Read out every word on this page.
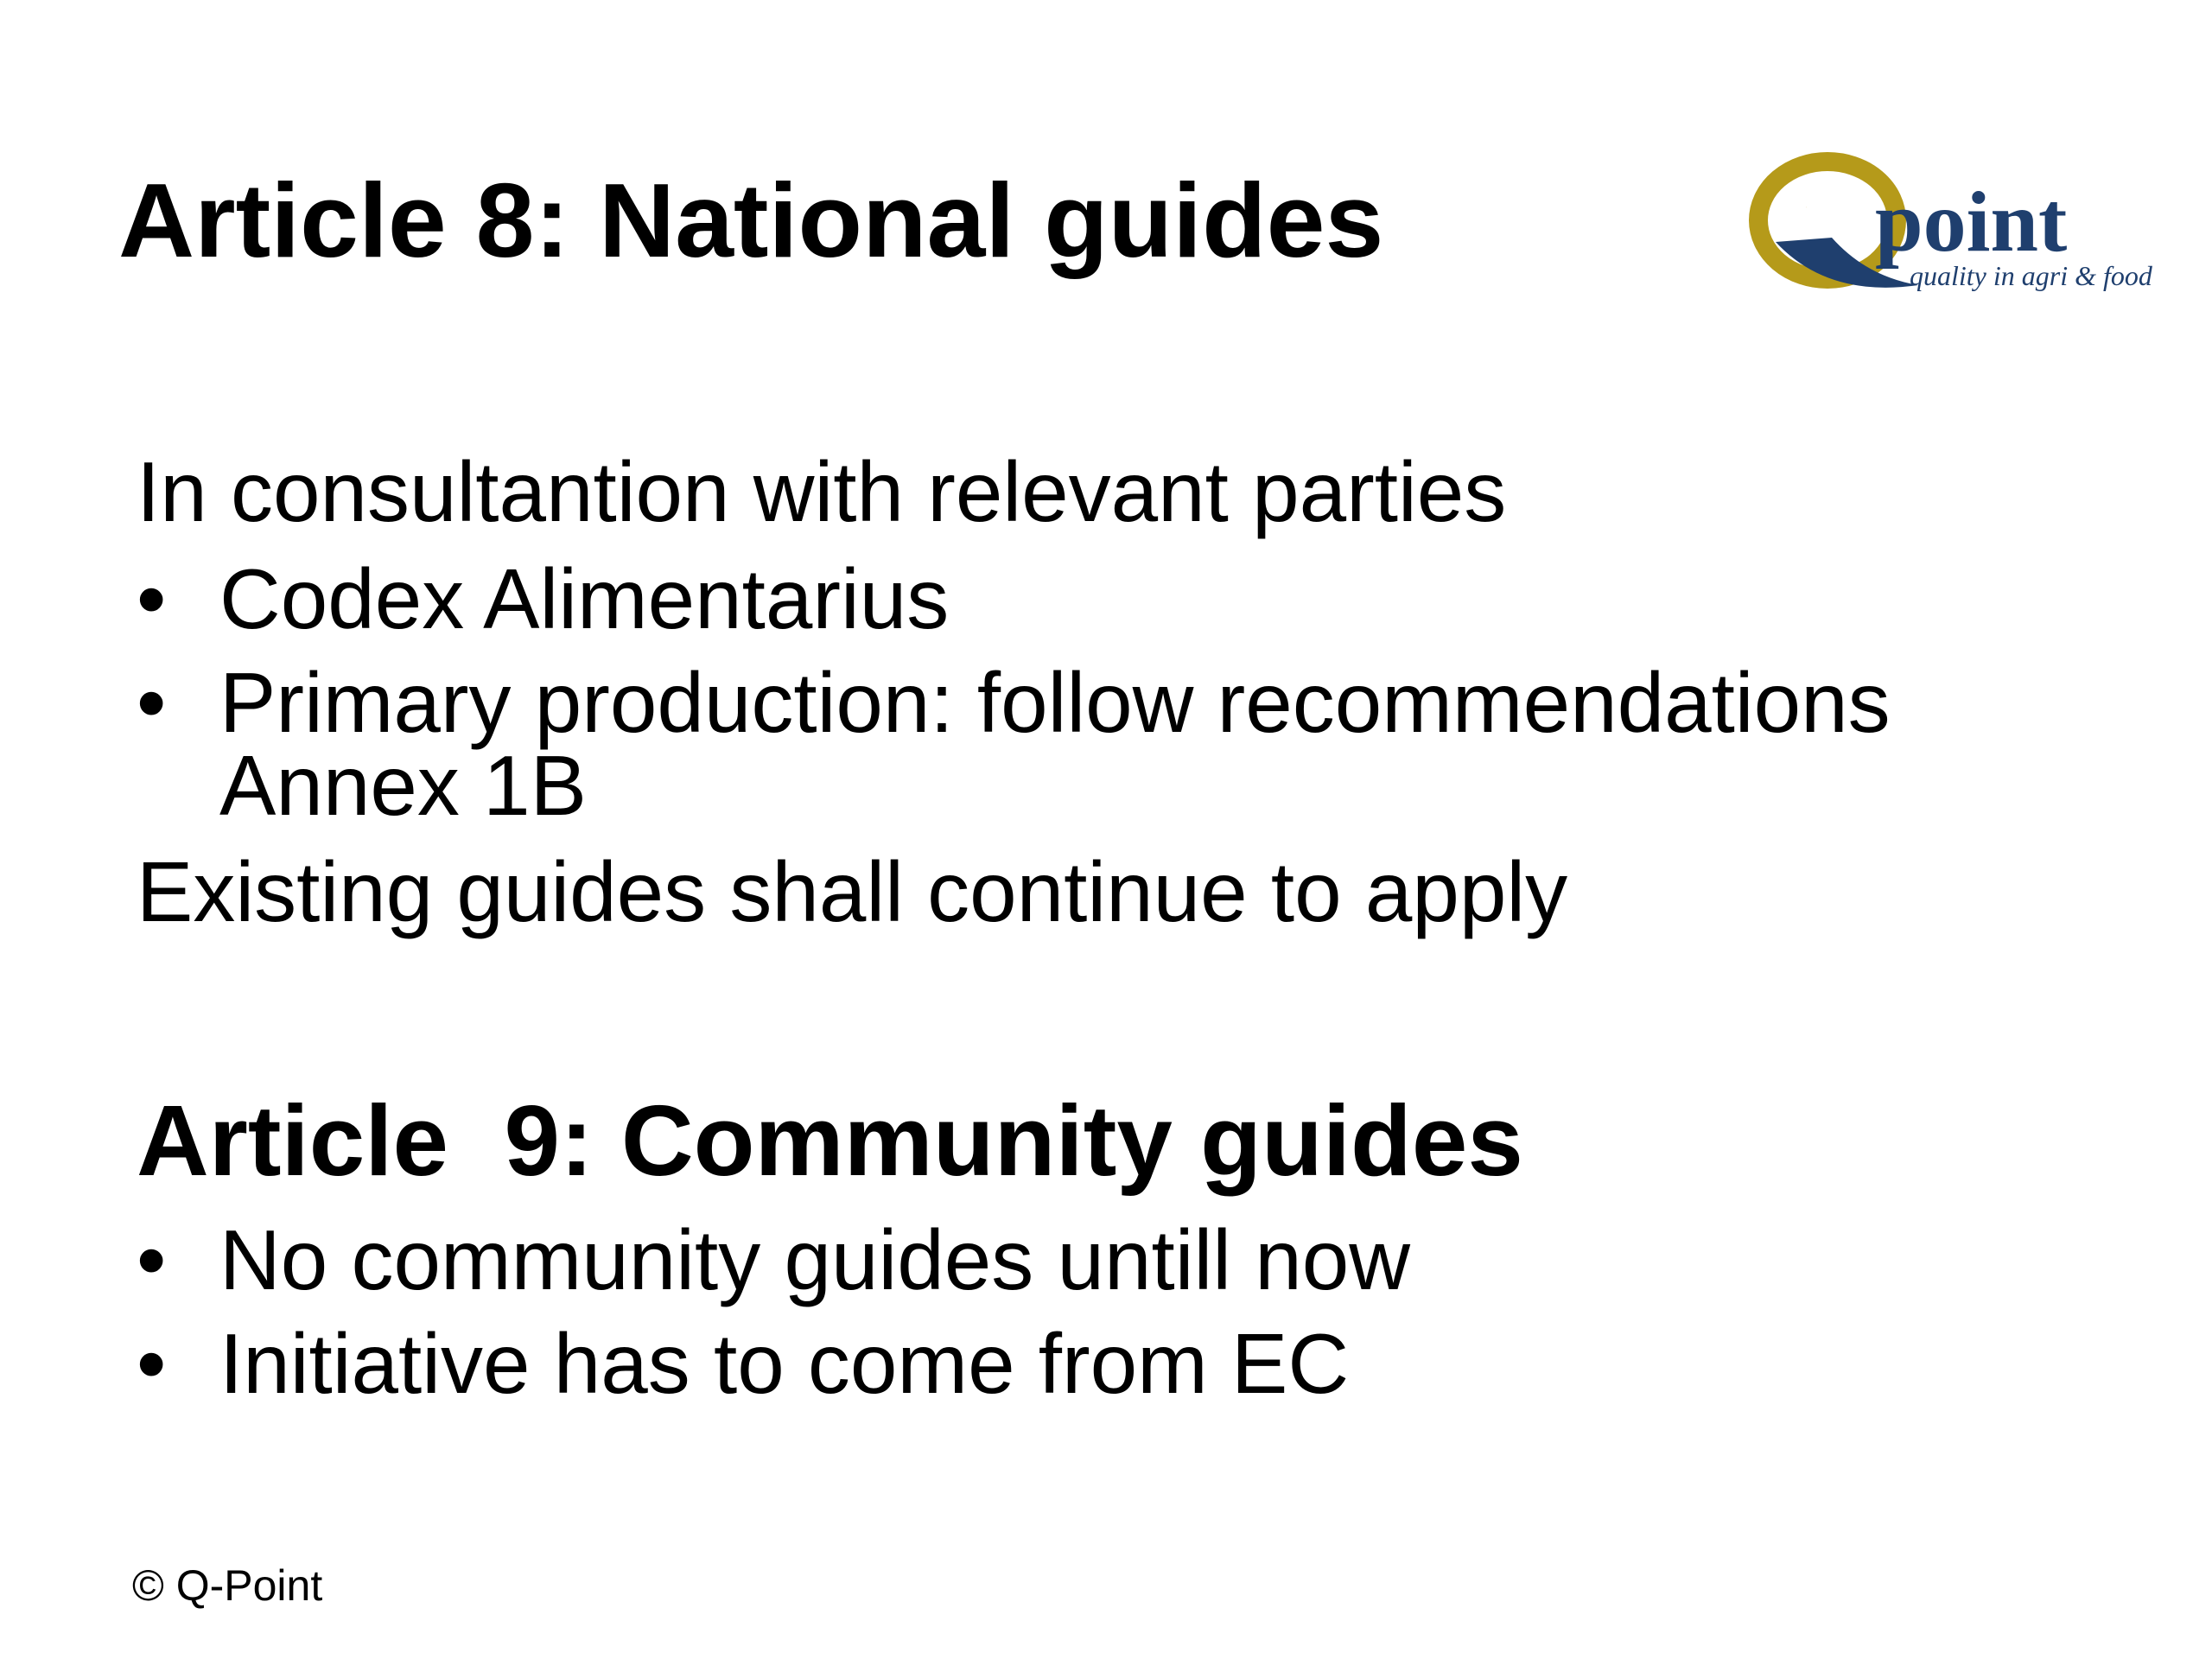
Article 8: National guides	Q point
quality in agri & food

In consultantion with relevant parties

• Codex Alimentarius
• Primary production: follow recommendations
Annex 1B

Existing guides shall continue to apply

Article  9: Community guides
• No community guides untill now
• Initiative has to come from EC
© Q-Point
